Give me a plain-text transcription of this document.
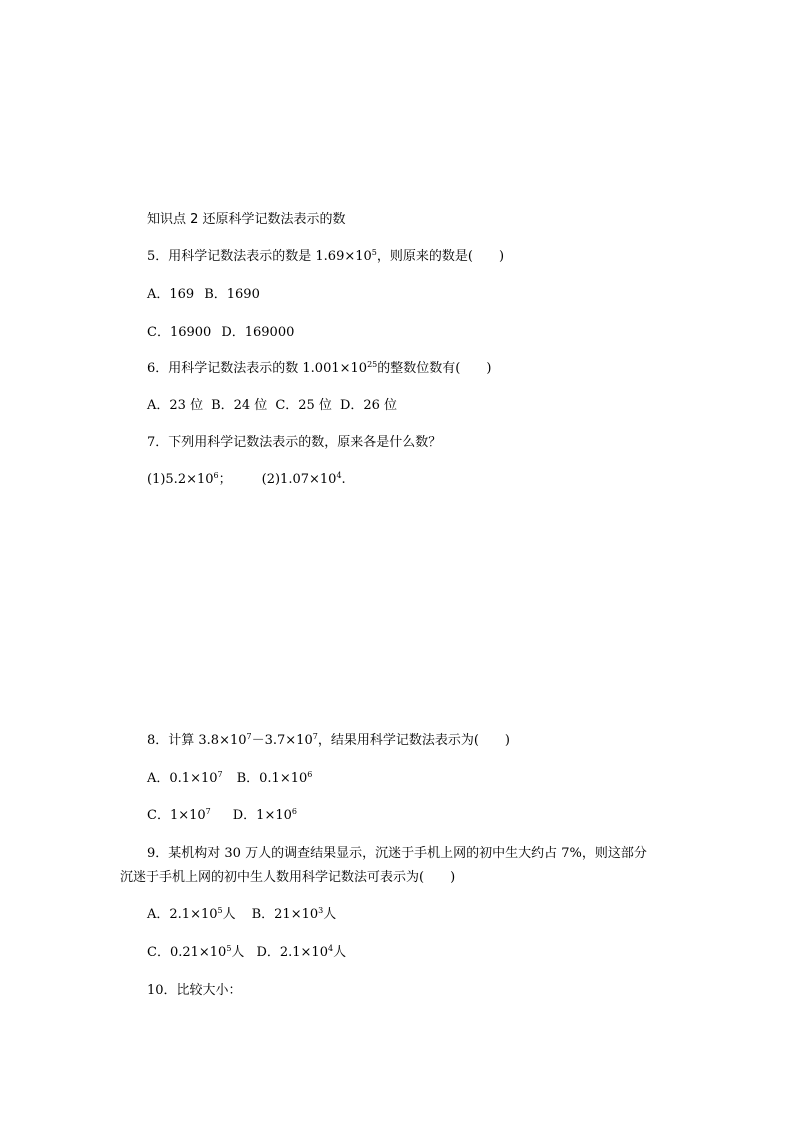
知识点 2 还原科学记数法表示的数
5．用科学记数法表示的数是 $1.69\times 10^5$，则原来的数是(　　)
A．169 B．1690
C．16900 D．169000
6．用科学记数法表示的数 $1.001\times 10^{25}$的整数位数有(　　)
A．23 位 B．24 位 C．25 位 D．26 位
7．下列用科学记数法表示的数，原来各是什么数？
$(1)5.2\times 10^6$； $(2)1.07\times 10^4$.
8．计算 $3.8\times 10^7-3.7\times 10^7$，结果用科学记数法表示为(　　)
A．$0.1\times 10^7$ B．$0.1\times 10^6$
C．$1\times 10^7$ D．$1\times 10^6$
9．某机构对 30 万人的调查结果显示，沉迷于手机上网的初中生大约占 7%，则这部分
沉迷于手机上网的初中生人数用科学记数法可表示为(　　)
A．$2.1\times 10^5$人 B．$21\times 10^3$人
C．$0.21\times 10^5$人 D．$2.1\times 10^4$人
10．比较大小：
